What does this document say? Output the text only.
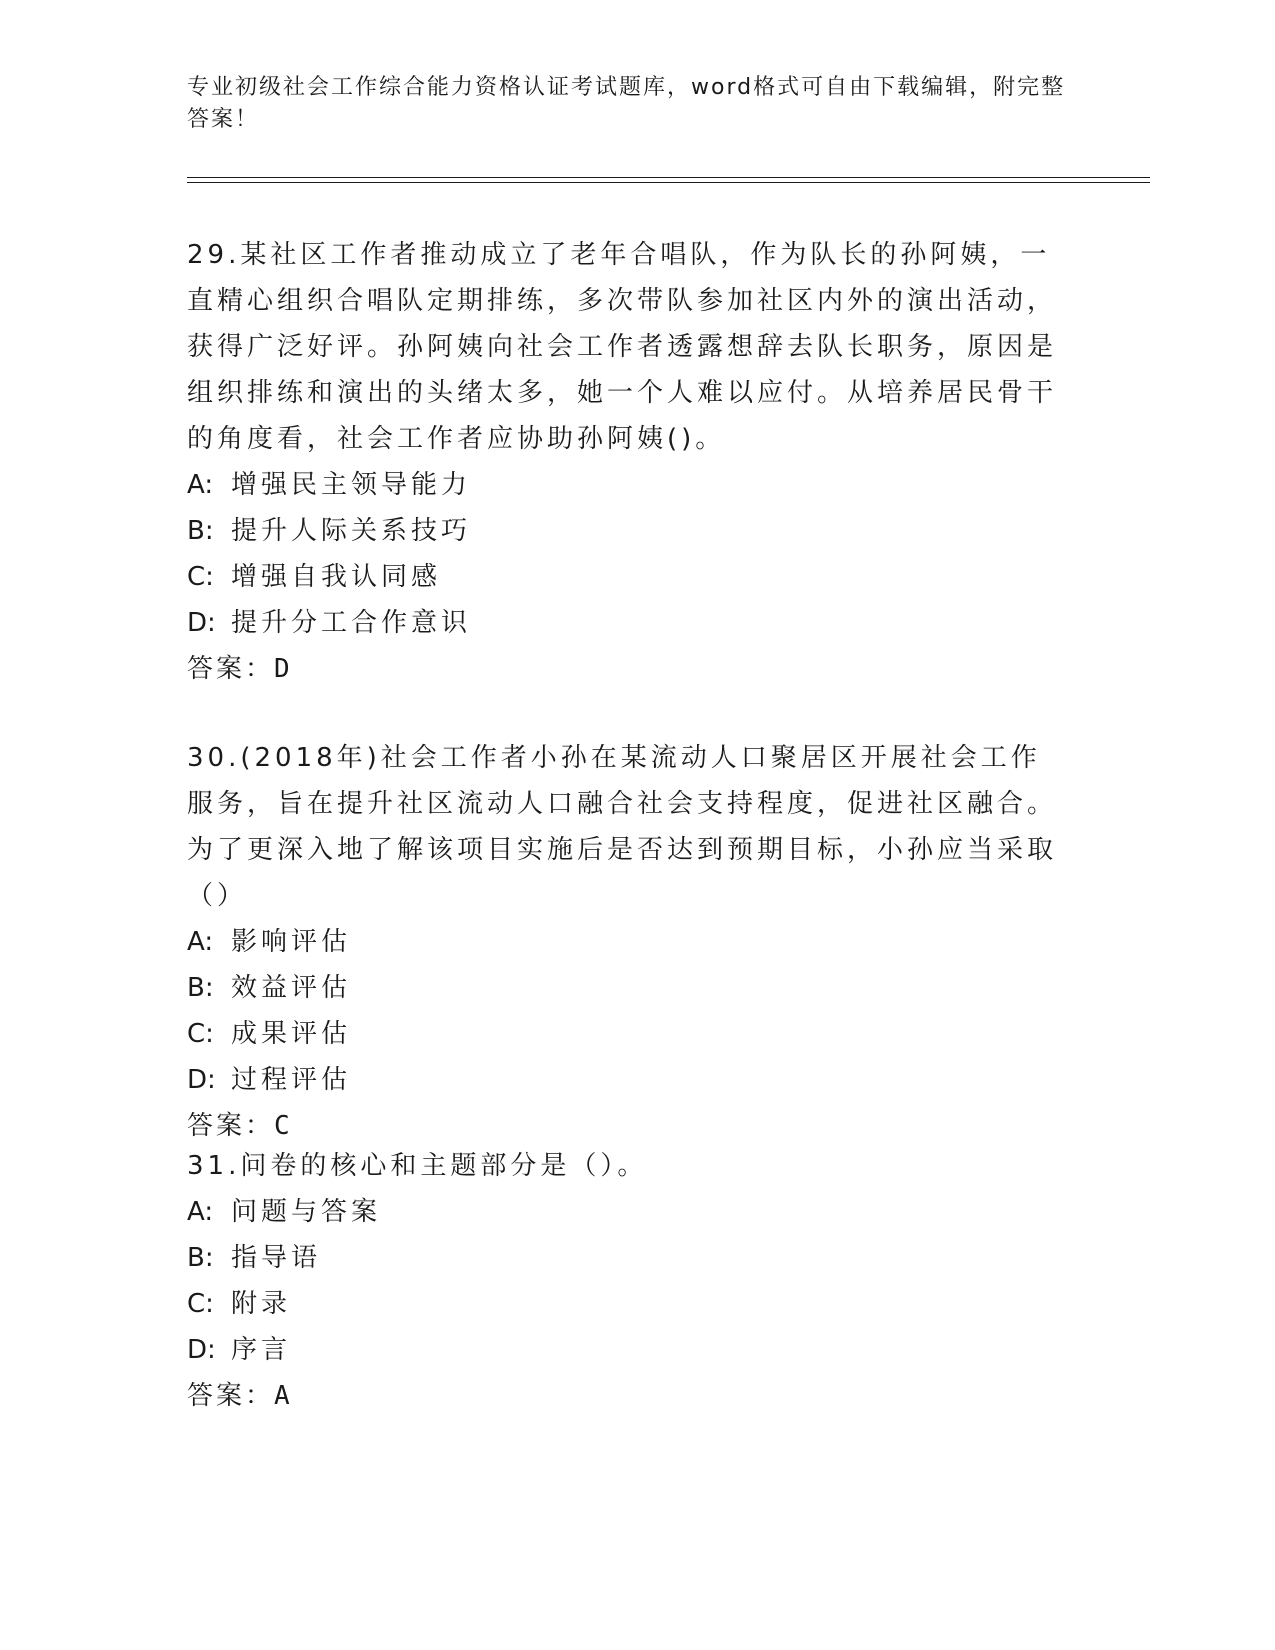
专业初级社会工作综合能力资格认证考试题库，word格式可自由下载编辑，附完整答案！

29.某社区工作者推动成立了老年合唱队，作为队长的孙阿姨，一直精心组织合唱队定期排练，多次带队参加社区内外的演出活动，获得广泛好评。孙阿姨向社会工作者透露想辞去队长职务，原因是组织排练和演出的头绪太多，她一个人难以应付。从培养居民骨干的角度看，社会工作者应协助孙阿姨()。

A: 增强民主领导能力

B: 提升人际关系技巧

C: 增强自我认同感

D: 提升分工合作意识

答案：D

30.(2018年)社会工作者小孙在某流动人口聚居区开展社会工作服务，旨在提升社区流动人口融合社会支持程度，促进社区融合。为了更深入地了解该项目实施后是否达到预期目标，小孙应当采取（）

A: 影响评估

B: 效益评估

C: 成果评估

D: 过程评估

答案：C

31.问卷的核心和主题部分是（）。

A: 问题与答案

B: 指导语

C: 附录

D: 序言

答案：A
